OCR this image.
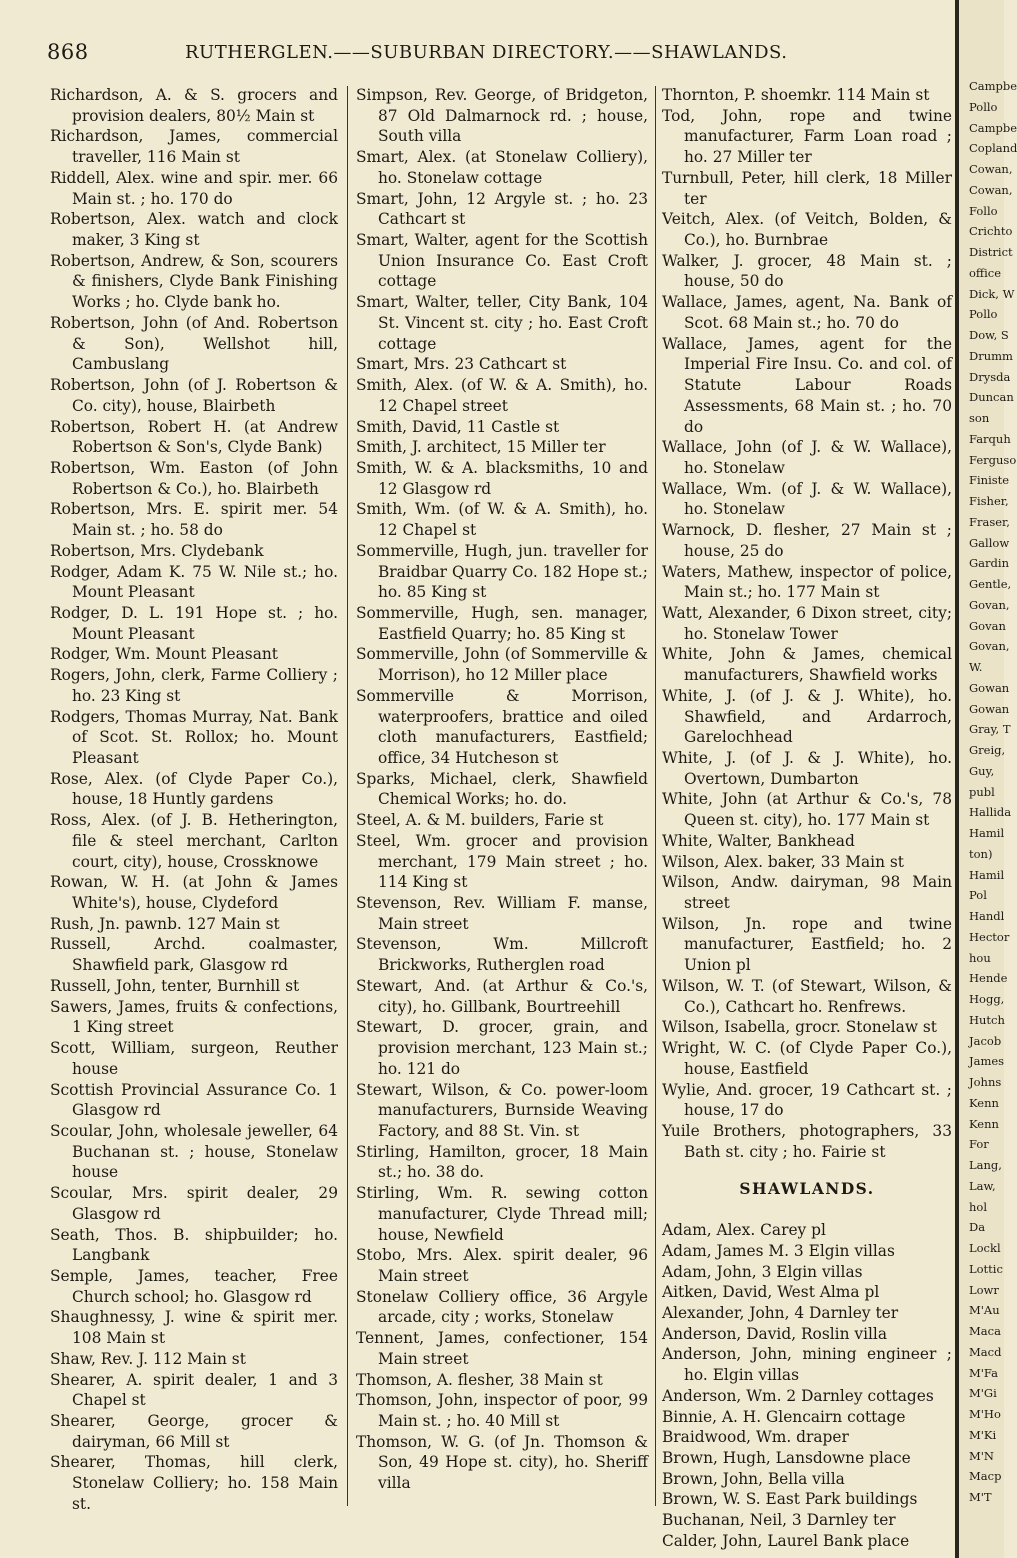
868	RUTHERGLEN.——SUBURBAN DIRECTORY.——SHAWLANDS.
Richardson, A. & S. grocers and provision dealers, 80½ Main st
Richardson, James, commercial traveller, 116 Main st
Riddell, Alex. wine and spir. mer. 66 Main st. ; ho. 170 do
Robertson, Alex. watch and clock maker, 3 King st
Robertson, Andrew, & Son, scourers & finishers, Clyde Bank Finishing Works ; ho. Clyde bank ho.
Robertson, John (of And. Robertson & Son), Wellshot hill, Cambuslang
Robertson, John (of J. Robertson & Co. city), house, Blairbeth
Robertson, Robert H. (at Andrew Robertson & Son's, Clyde Bank)
Robertson, Wm. Easton (of John Robertson & Co.), ho. Blairbeth
Robertson, Mrs. E. spirit mer. 54 Main st. ; ho. 58 do
Robertson, Mrs. Clydebank
Rodger, Adam K. 75 W. Nile st.; ho. Mount Pleasant
Rodger, D. L. 191 Hope st. ; ho. Mount Pleasant
Rodger, Wm. Mount Pleasant
Rogers, John, clerk, Farme Colliery ; ho. 23 King st
Rodgers, Thomas Murray, Nat. Bank of Scot. St. Rollox; ho. Mount Pleasant
Rose, Alex. (of Clyde Paper Co.), house, 18 Huntly gardens
Ross, Alex. (of J. B. Hetherington, file & steel merchant, Carlton court, city), house, Crossknowe
Rowan, W. H. (at John & James White's), house, Clydeford
Rush, Jn. pawnb. 127 Main st
Russell, Archd. coalmaster, Shawfield park, Glasgow rd
Russell, John, tenter, Burnhill st
Sawers, James, fruits & confections, 1 King street
Scott, William, surgeon, Reuther house
Scottish Provincial Assurance Co. 1 Glasgow rd
Scoular, John, wholesale jeweller, 64 Buchanan st. ; house, Stonelaw house
Scoular, Mrs. spirit dealer, 29 Glasgow rd
Seath, Thos. B. shipbuilder; ho. Langbank
Semple, James, teacher, Free Church school; ho. Glasgow rd
Shaughnessy, J. wine & spirit mer. 108 Main st
Shaw, Rev. J. 112 Main st
Shearer, A. spirit dealer, 1 and 3 Chapel st
Shearer, George, grocer & dairyman, 66 Mill st
Shearer, Thomas, hill clerk, Stonelaw Colliery; ho. 158 Main st.
Simpson, Rev. George, of Bridgeton, 87 Old Dalmarnock rd. ; house, South villa
Smart, Alex. (at Stonelaw Colliery), ho. Stonelaw cottage
Smart, John, 12 Argyle st. ; ho. 23 Cathcart st
Smart, Walter, agent for the Scottish Union Insurance Co. East Croft cottage
Smart, Walter, teller, City Bank, 104 St. Vincent st. city ; ho. East Croft cottage
Smart, Mrs. 23 Cathcart st
Smith, Alex. (of W. & A. Smith), ho. 12 Chapel street
Smith, David, 11 Castle st
Smith, J. architect, 15 Miller ter
Smith, W. & A. blacksmiths, 10 and 12 Glasgow rd
Smith, Wm. (of W. & A. Smith), ho. 12 Chapel st
Sommerville, Hugh, jun. traveller for Braidbar Quarry Co. 182 Hope st.; ho. 85 King st
Sommerville, Hugh, sen. manager, Eastfield Quarry; ho. 85 King st
Sommerville, John (of Sommerville & Morrison), ho 12 Miller place
Sommerville & Morrison, waterproofers, brattice and oiled cloth manufacturers, Eastfield; office, 34 Hutcheson st
Sparks, Michael, clerk, Shawfield Chemical Works; ho. do.
Steel, A. & M. builders, Farie st
Steel, Wm. grocer and provision merchant, 179 Main street ; ho. 114 King st
Stevenson, Rev. William F. manse, Main street
Stevenson, Wm. Millcroft Brickworks, Rutherglen road
Stewart, And. (at Arthur & Co.'s, city), ho. Gillbank, Bourtreehill
Stewart, D. grocer, grain, and provision merchant, 123 Main st.; ho. 121 do
Stewart, Wilson, & Co. power-loom manufacturers, Burnside Weaving Factory, and 88 St. Vin. st
Stirling, Hamilton, grocer, 18 Main st.; ho. 38 do.
Stirling, Wm. R. sewing cotton manufacturer, Clyde Thread mill; house, Newfield
Stobo, Mrs. Alex. spirit dealer, 96 Main street
Stonelaw Colliery office, 36 Argyle arcade, city ; works, Stonelaw
Tennent, James, confectioner, 154 Main street
Thomson, A. flesher, 38 Main st
Thomson, John, inspector of poor, 99 Main st. ; ho. 40 Mill st
Thomson, W. G. (of Jn. Thomson & Son, 49 Hope st. city), ho. Sheriff villa
Thornton, P. shoemkr. 114 Main st
Tod, John, rope and twine manufacturer, Farm Loan road ; ho. 27 Miller ter
Turnbull, Peter, hill clerk, 18 Miller ter
Veitch, Alex. (of Veitch, Bolden, & Co.), ho. Burnbrae
Walker, J. grocer, 48 Main st. ; house, 50 do
Wallace, James, agent, Na. Bank of Scot. 68 Main st.; ho. 70 do
Wallace, James, agent for the Imperial Fire Insu. Co. and col. of Statute Labour Roads Assessments, 68 Main st. ; ho. 70 do
Wallace, John (of J. & W. Wallace), ho. Stonelaw
Wallace, Wm. (of J. & W. Wallace), ho. Stonelaw
Warnock, D. flesher, 27 Main st ; house, 25 do
Waters, Mathew, inspector of police, Main st.; ho. 177 Main st
Watt, Alexander, 6 Dixon street, city; ho. Stonelaw Tower
White, John & James, chemical manufacturers, Shawfield works
White, J. (of J. & J. White), ho. Shawfield, and Ardarroch, Garelochhead
White, J. (of J. & J. White), ho. Overtown, Dumbarton
White, John (at Arthur & Co.'s, 78 Queen st. city), ho. 177 Main st
White, Walter, Bankhead
Wilson, Alex. baker, 33 Main st
Wilson, Andw. dairyman, 98 Main street
Wilson, Jn. rope and twine manufacturer, Eastfield; ho. 2 Union pl
Wilson, W. T. (of Stewart, Wilson, & Co.), Cathcart ho. Renfrews.
Wilson, Isabella, grocr. Stonelaw st
Wright, W. C. (of Clyde Paper Co.), house, Eastfield
Wylie, And. grocer, 19 Cathcart st. ; house, 17 do
Yuile Brothers, photographers, 33 Bath st. city ; ho. Fairie st
SHAWLANDS.
Adam, Alex. Carey pl
Adam, James M. 3 Elgin villas
Adam, John, 3 Elgin villas
Aitken, David, West Alma pl
Alexander, John, 4 Darnley ter
Anderson, David, Roslin villa
Anderson, John, mining engineer ; ho. Elgin villas
Anderson, Wm. 2 Darnley cottages
Binnie, A. H. Glencairn cottage
Braidwood, Wm. draper
Brown, Hugh, Lansdowne place
Brown, John, Bella villa
Brown, W. S. East Park buildings
Buchanan, Neil, 3 Darnley ter
Calder, John, Laurel Bank place
Campbe
Pollo
Campbe
Copland
Cowan,
Cowan,
Follo
Crichto
District
office
Dick, W
Pollo
Dow, S
Drumm
Drysda
Duncan
son
Farquh
Ferguso
Finiste
Fisher,
Fraser,
Gallow
Gardin
Gentle,
Govan,
Govan
Govan,
W.
Gowan
Gowan
Gray, T
Greig,
Guy,
publ
Hallida
Hamil
ton)
Hamil
Pol
Handl
Hector
hou
Hende
Hogg,
Hutch
Jacob
James
Johns
Kenn
Kenn
For
Lang,
Law,
hol
Da
Lockl
Lottic
Lowr
M'Au
Maca
Macd
M'Fa
M'Gi
M'Ho
M'Ki
M'N
Macp
M'T
